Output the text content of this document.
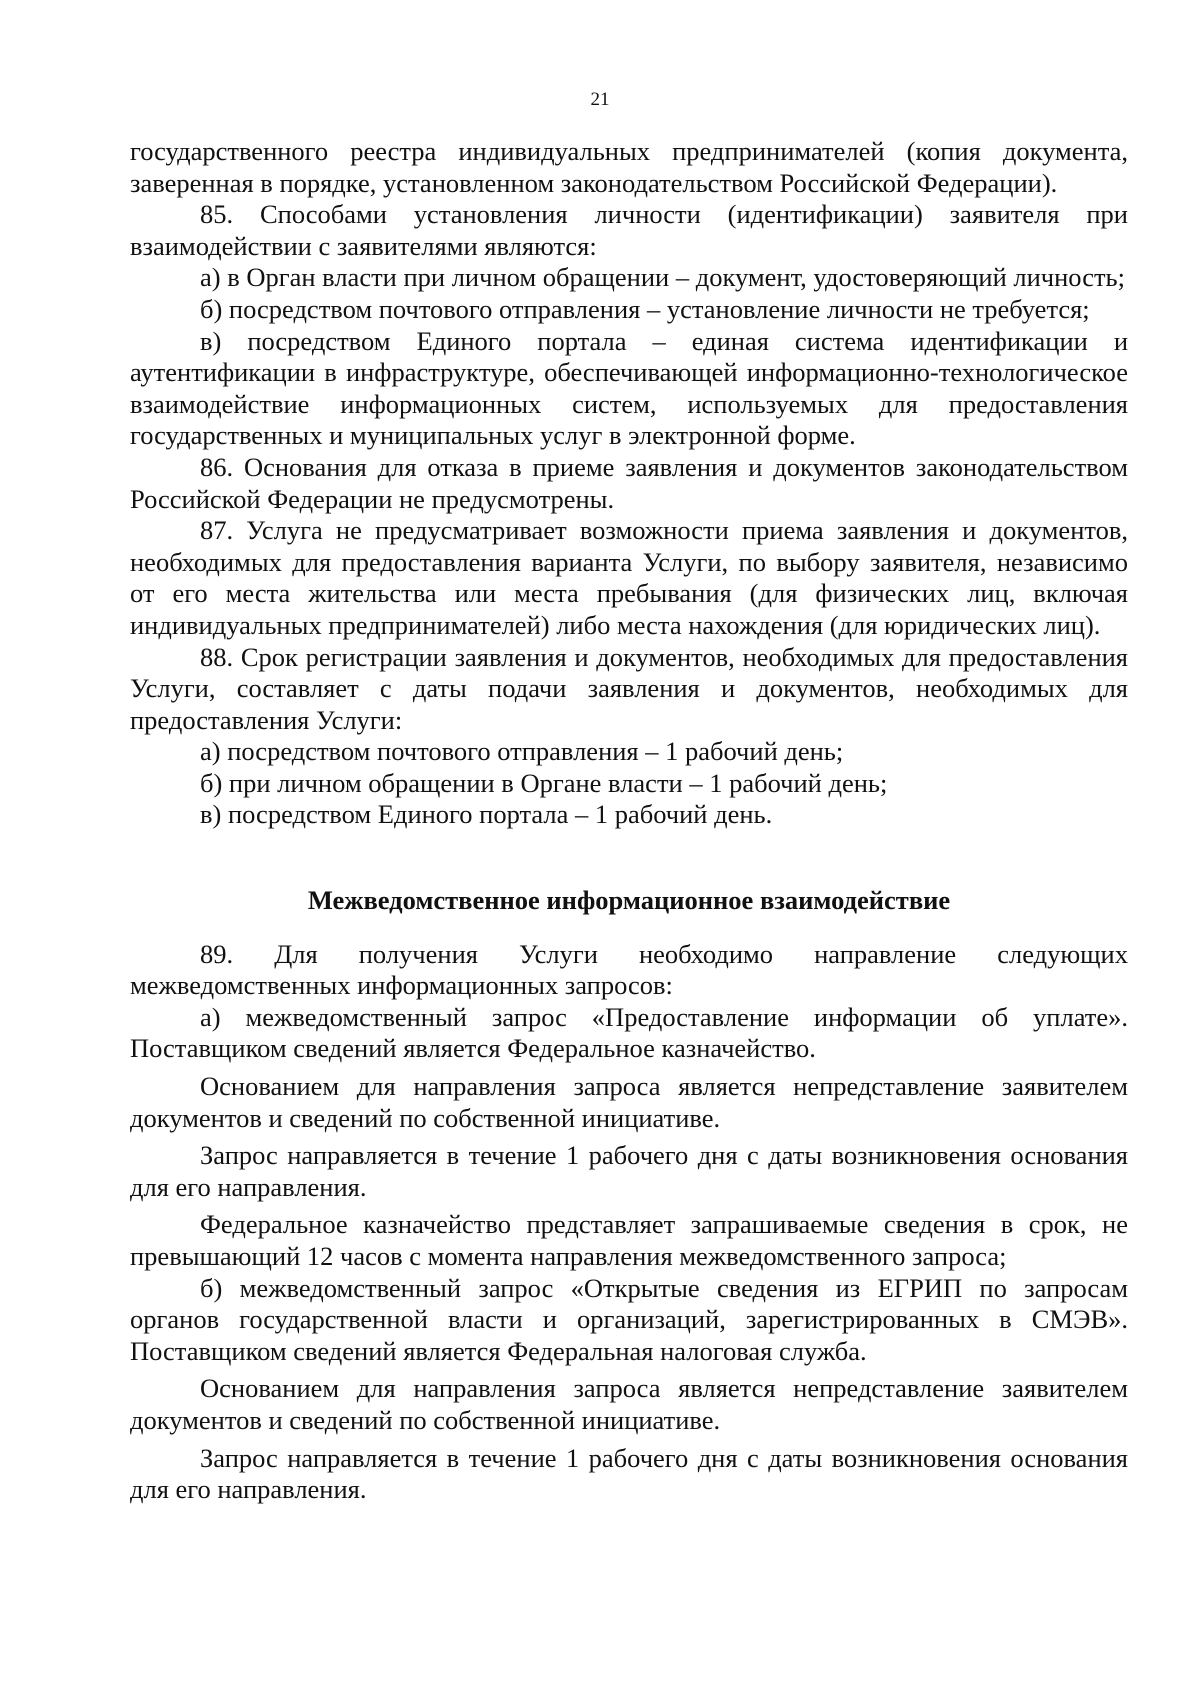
21

государственного реестра индивидуальных предпринимателей (копия документа, заверенная в порядке, установленном законодательством Российской Федерации).

85. Способами установления личности (идентификации) заявителя при взаимодействии с заявителями являются:

а) в Орган власти при личном обращении – документ, удостоверяющий личность;

б) посредством почтового отправления – установление личности не требуется;

в) посредством Единого портала – единая система идентификации и аутентификации в инфраструктуре, обеспечивающей информационно-технологическое взаимодействие информационных систем, используемых для предоставления государственных и муниципальных услуг в электронной форме.

86. Основания для отказа в приеме заявления и документов законодательством Российской Федерации не предусмотрены.

87. Услуга не предусматривает возможности приема заявления и документов, необходимых для предоставления варианта Услуги, по выбору заявителя, независимо от его места жительства или места пребывания (для физических лиц, включая индивидуальных предпринимателей) либо места нахождения (для юридических лиц).

88. Срок регистрации заявления и документов, необходимых для предоставления Услуги, составляет с даты подачи заявления и документов, необходимых для предоставления Услуги:

а) посредством почтового отправления – 1 рабочий день;

б) при личном обращении в Органе власти – 1 рабочий день;

в) посредством Единого портала – 1 рабочий день.

Межведомственное информационное взаимодействие

89. Для получения Услуги необходимо направление следующих межведомственных информационных запросов:

а) межведомственный запрос «Предоставление информации об уплате». Поставщиком сведений является Федеральное казначейство.

Основанием для направления запроса является непредставление заявителем документов и сведений по собственной инициативе.

Запрос направляется в течение 1 рабочего дня с даты возникновения основания для его направления.

Федеральное казначейство представляет запрашиваемые сведения в срок, не превышающий 12 часов с момента направления межведомственного запроса;

б) межведомственный запрос «Открытые сведения из ЕГРИП по запросам органов государственной власти и организаций, зарегистрированных в СМЭВ». Поставщиком сведений является Федеральная налоговая служба.

Основанием для направления запроса является непредставление заявителем документов и сведений по собственной инициативе.

Запрос направляется в течение 1 рабочего дня с даты возникновения основания для его направления.
